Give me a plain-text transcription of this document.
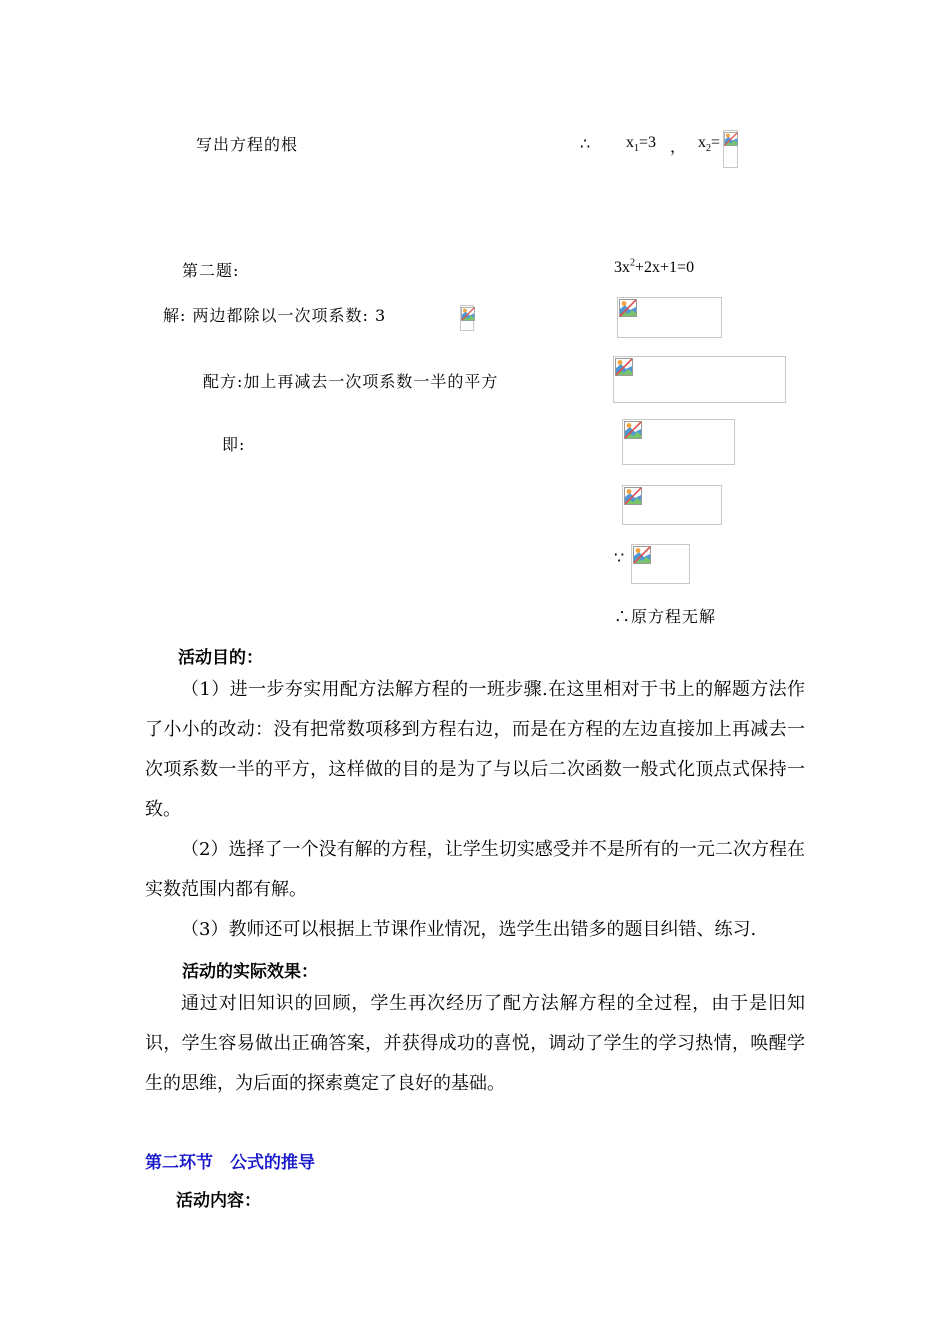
写出方程的根	∴ $x_1=3$ ， $x_2=$
第二题:	$3x^2+2x+1=0$
解: 两边都除以一次项系数: 3
配方:加上再减去一次项系数一半的平方
即:
∵
∴原方程无解
活动目的：

（1）进一步夯实用配方法解方程的一班步骤.在这里相对于书上的解题方法作了小小的改动：没有把常数项移到方程右边，而是在方程的左边直接加上再减去一次项系数一半的平方，这样做的目的是为了与以后二次函数一般式化顶点式保持一致。

（2）选择了一个没有解的方程，让学生切实感受并不是所有的一元二次方程在实数范围内都有解。

（3）教师还可以根据上节课作业情况，选学生出错多的题目纠错、练习.

活动的实际效果：

通过对旧知识的回顾，学生再次经历了配方法解方程的全过程，由于是旧知识，学生容易做出正确答案，并获得成功的喜悦，调动了学生的学习热情，唤醒学生的思维，为后面的探索奠定了良好的基础。

第二环节　公式的推导
活动内容：
